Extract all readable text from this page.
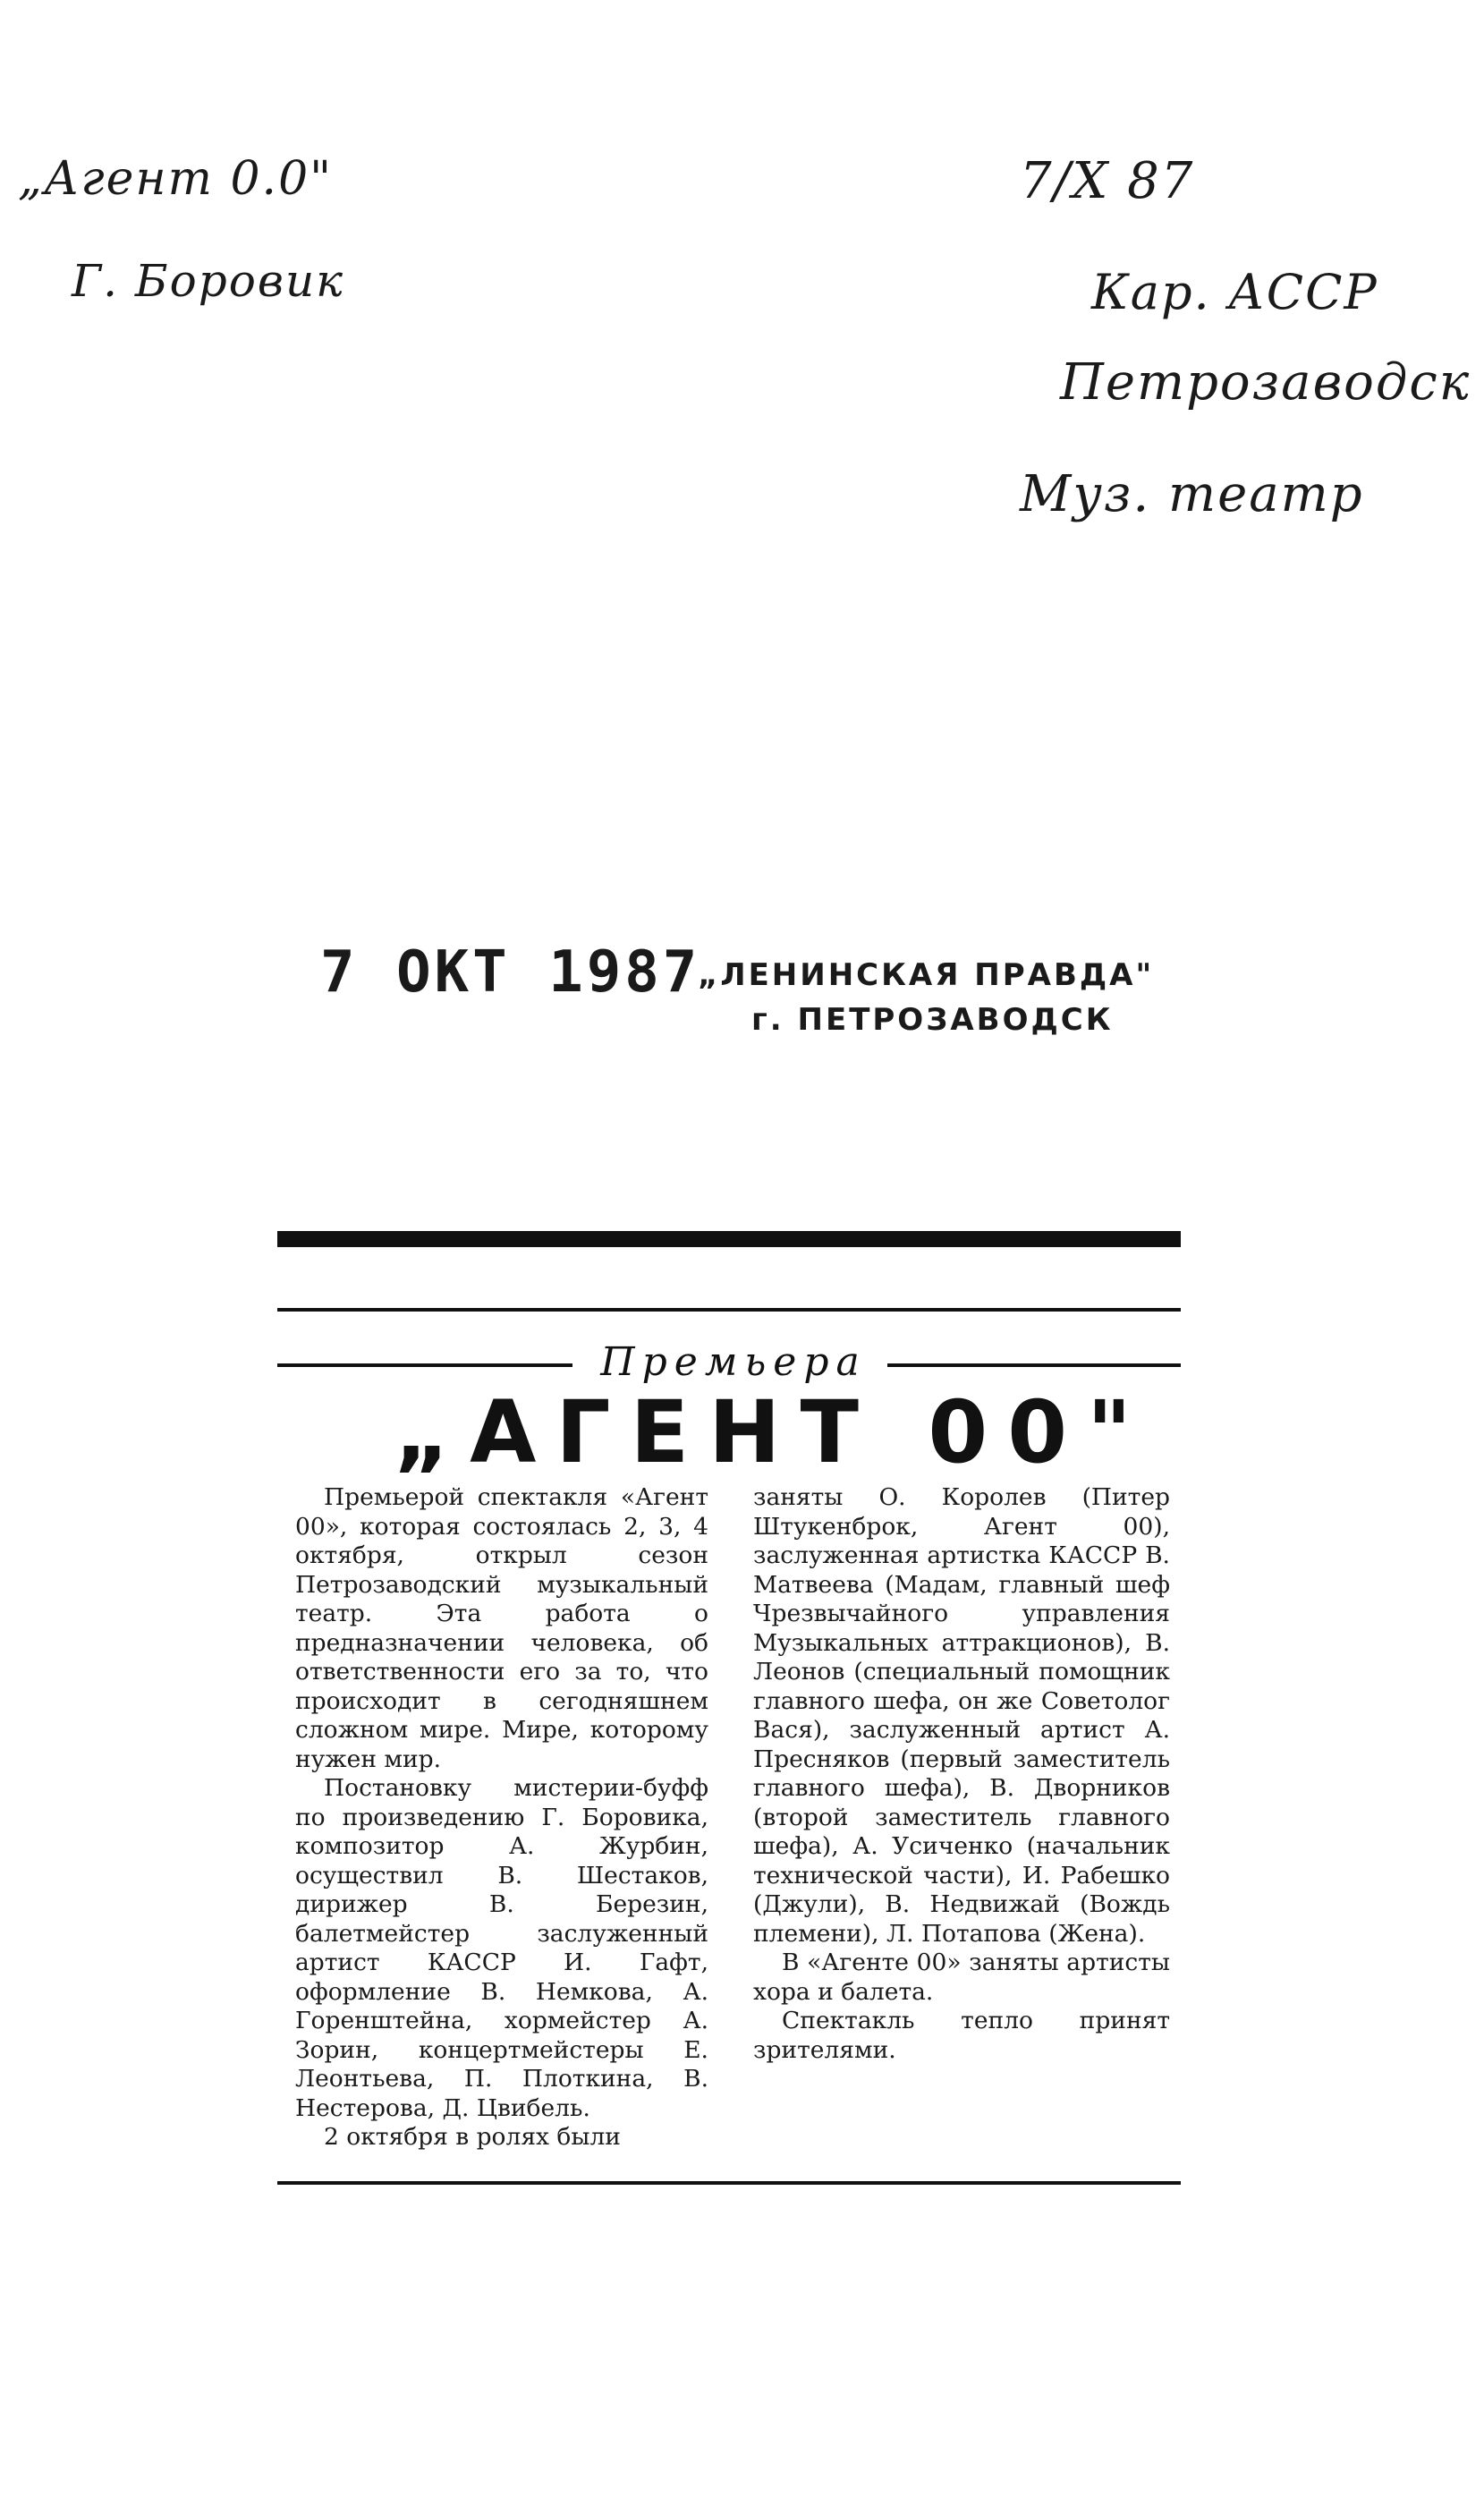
„Агент 0.0"
Г. Боровик
7/X 87
Кар. АССР
Петрозаводск
Муз. театр
7 ОКТ 1987
„ЛЕНИНСКАЯ ПРАВДА"
г. ПЕТРОЗАВОДСК
Премьера
„АГЕНТ 00"

Премьерой спектакля «Агент 00», которая состоялась 2, 3, 4 октября, открыл сезон Петрозаводский музыкальный театр. Эта работа о предназначении человека, об ответственности его за то, что происходит в сегодняшнем сложном мире. Мире, которому нужен мир.

Постановку мистерии-буфф по произведению Г. Боровика, композитор А. Журбин, осуществил В. Шестаков, дирижер В. Березин, балетмейстер заслуженный артист КАССР И. Гафт, оформление В. Немкова, А. Горенштейна, хормейстер А. Зорин, концертмейстеры Е. Леонтьева, П. Плоткина, В. Нестерова, Д. Цвибель.

2 октября в ролях были

заняты О. Королев (Питер Штукенброк, Агент 00), заслуженная артистка КАССР В. Матвеева (Мадам, главный шеф Чрезвычайного управления Музыкальных аттракционов), В. Леонов (специальный помощник главного шефа, он же Советолог Вася), заслуженный артист А. Пресняков (первый заместитель главного шефа), В. Дворников (второй заместитель главного шефа), А. Усиченко (начальник технической части), И. Рабешко (Джули), В. Недвижай (Вождь племени), Л. Потапова (Жена).

В «Агенте 00» заняты артисты хора и балета.

Спектакль тепло принят зрителями.
